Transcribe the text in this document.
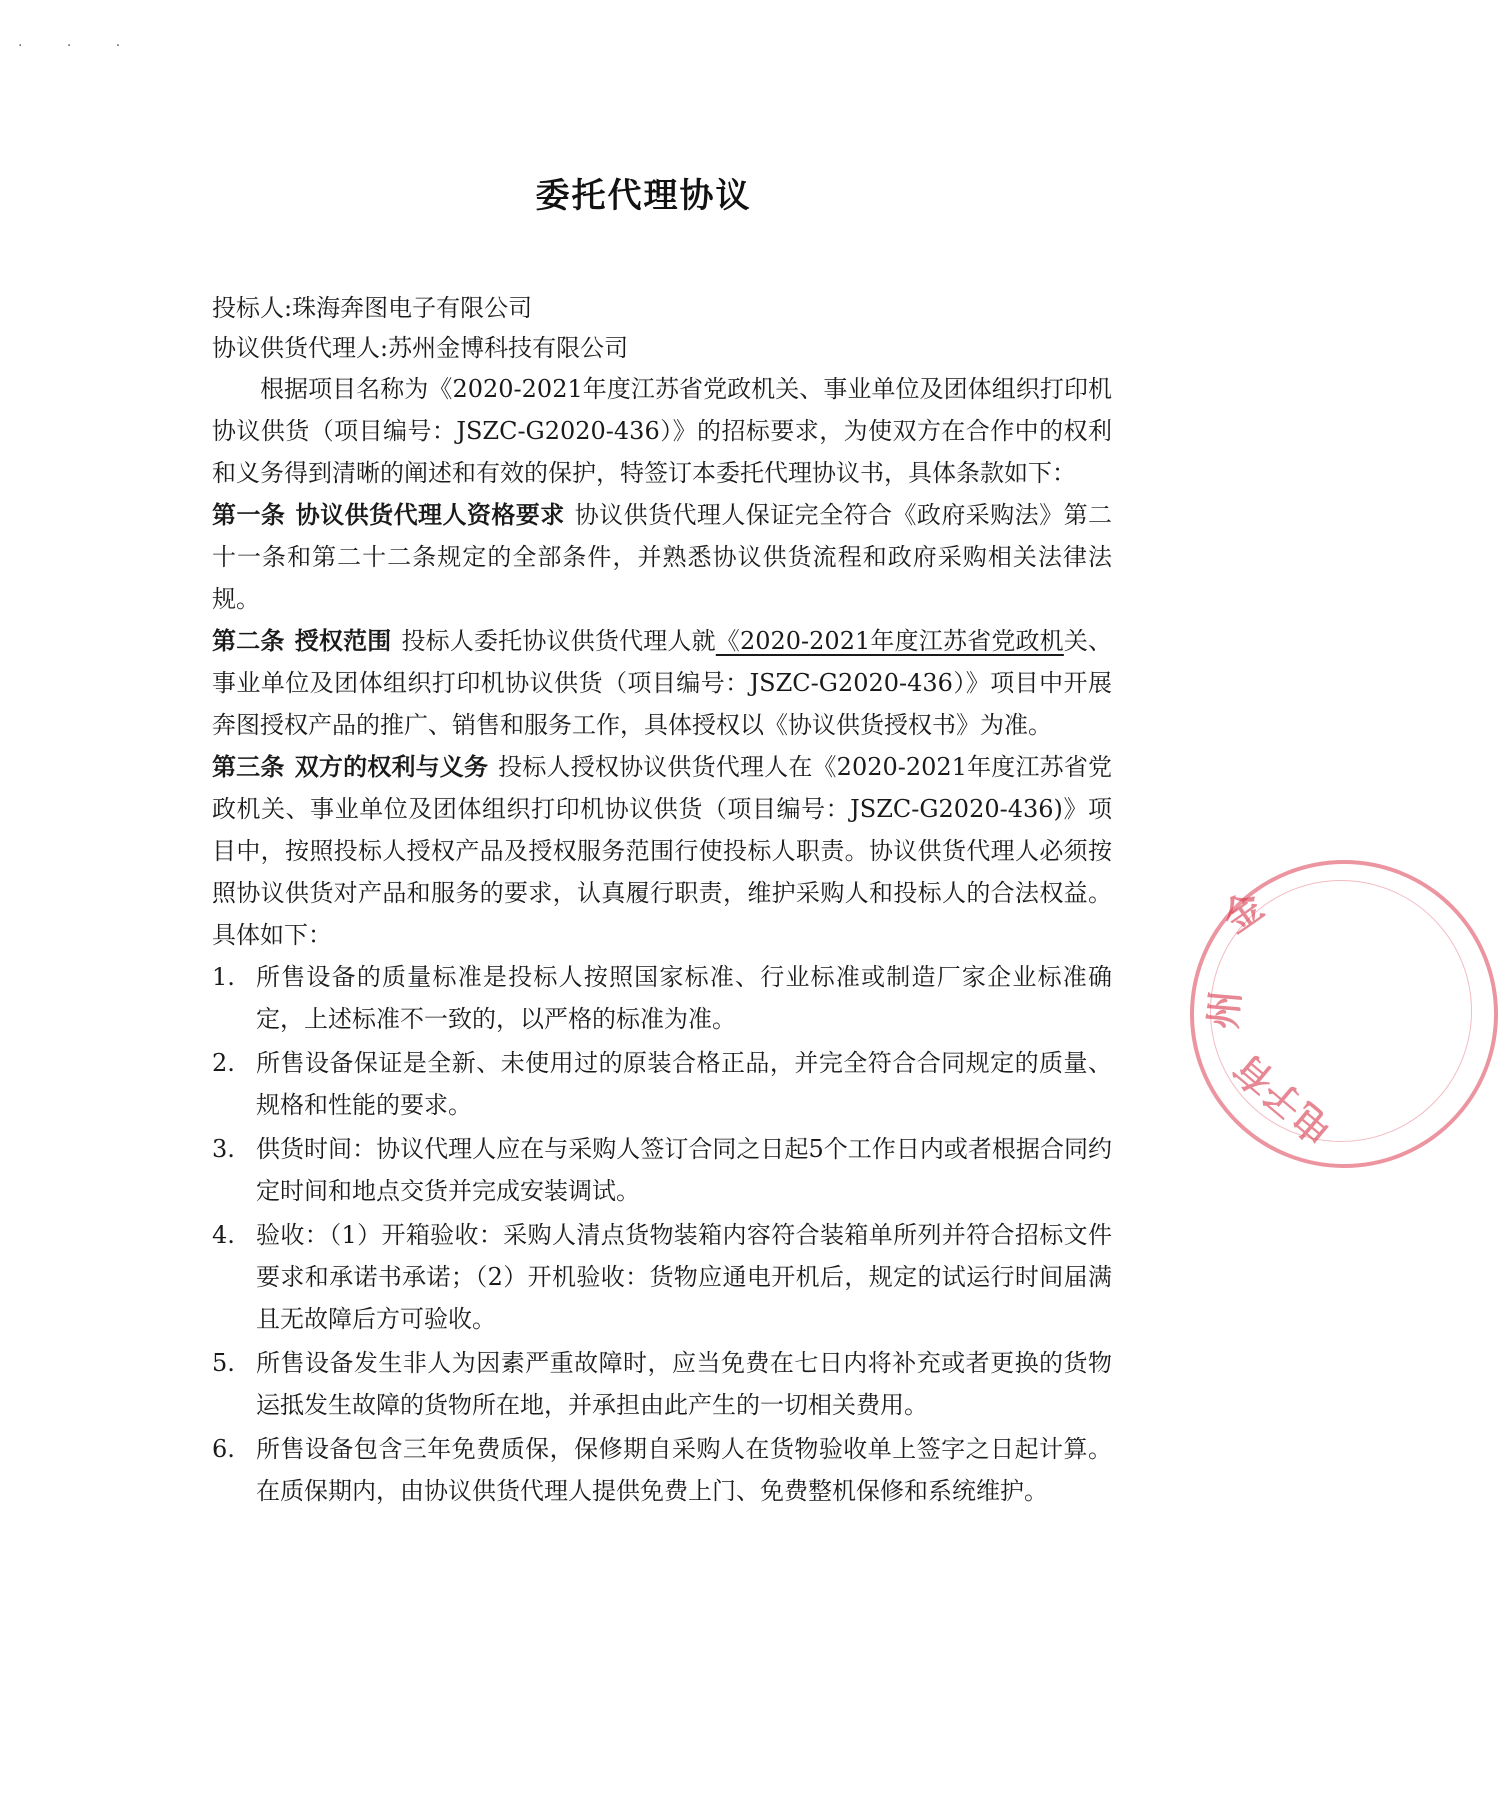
· · ·
委托代理协议

投标人:珠海奔图电子有限公司

协议供货代理人:苏州金博科技有限公司

根据项目名称为《2020-2021年度江苏省党政机关、事业单位及团体组织打印机协议供货（项目编号：JSZC-G2020-436）》的招标要求，为使双方在合作中的权利和义务得到清晰的阐述和有效的保护，特签订本委托代理协议书，具体条款如下：

第一条 协议供货代理人资格要求 协议供货代理人保证完全符合《政府采购法》第二十一条和第二十二条规定的全部条件，并熟悉协议供货流程和政府采购相关法律法规。

第二条 授权范围 投标人委托协议供货代理人就《2020-2021年度江苏省党政机关、事业单位及团体组织打印机协议供货（项目编号：JSZC-G2020-436）》项目中开展奔图授权产品的推广、销售和服务工作，具体授权以《协议供货授权书》为准。

第三条 双方的权利与义务 投标人授权协议供货代理人在《2020-2021年度江苏省党政机关、事业单位及团体组织打印机协议供货（项目编号：JSZC-G2020-436)》项目中，按照投标人授权产品及授权服务范围行使投标人职责。协议供货代理人必须按照协议供货对产品和服务的要求，认真履行职责，维护采购人和投标人的合法权益。具体如下：

1. 所售设备的质量标准是投标人按照国家标准、行业标准或制造厂家企业标准确定，上述标准不一致的，以严格的标准为准。
2. 所售设备保证是全新、未使用过的原装合格正品，并完全符合合同规定的质量、规格和性能的要求。
3. 供货时间：协议代理人应在与采购人签订合同之日起5个工作日内或者根据合同约定时间和地点交货并完成安装调试。
4. 验收：（1）开箱验收：采购人清点货物装箱内容符合装箱单所列并符合招标文件要求和承诺书承诺；（2）开机验收：货物应通电开机后，规定的试运行时间届满且无故障后方可验收。
5. 所售设备发生非人为因素严重故障时，应当免费在七日内将补充或者更换的货物运抵发生故障的货物所在地，并承担由此产生的一切相关费用。
6. 所售设备包含三年免费质保，保修期自采购人在货物验收单上签字之日起计算。在质保期内，由协议供货代理人提供免费上门、免费整机保修和系统维护。
金
州
电子有
